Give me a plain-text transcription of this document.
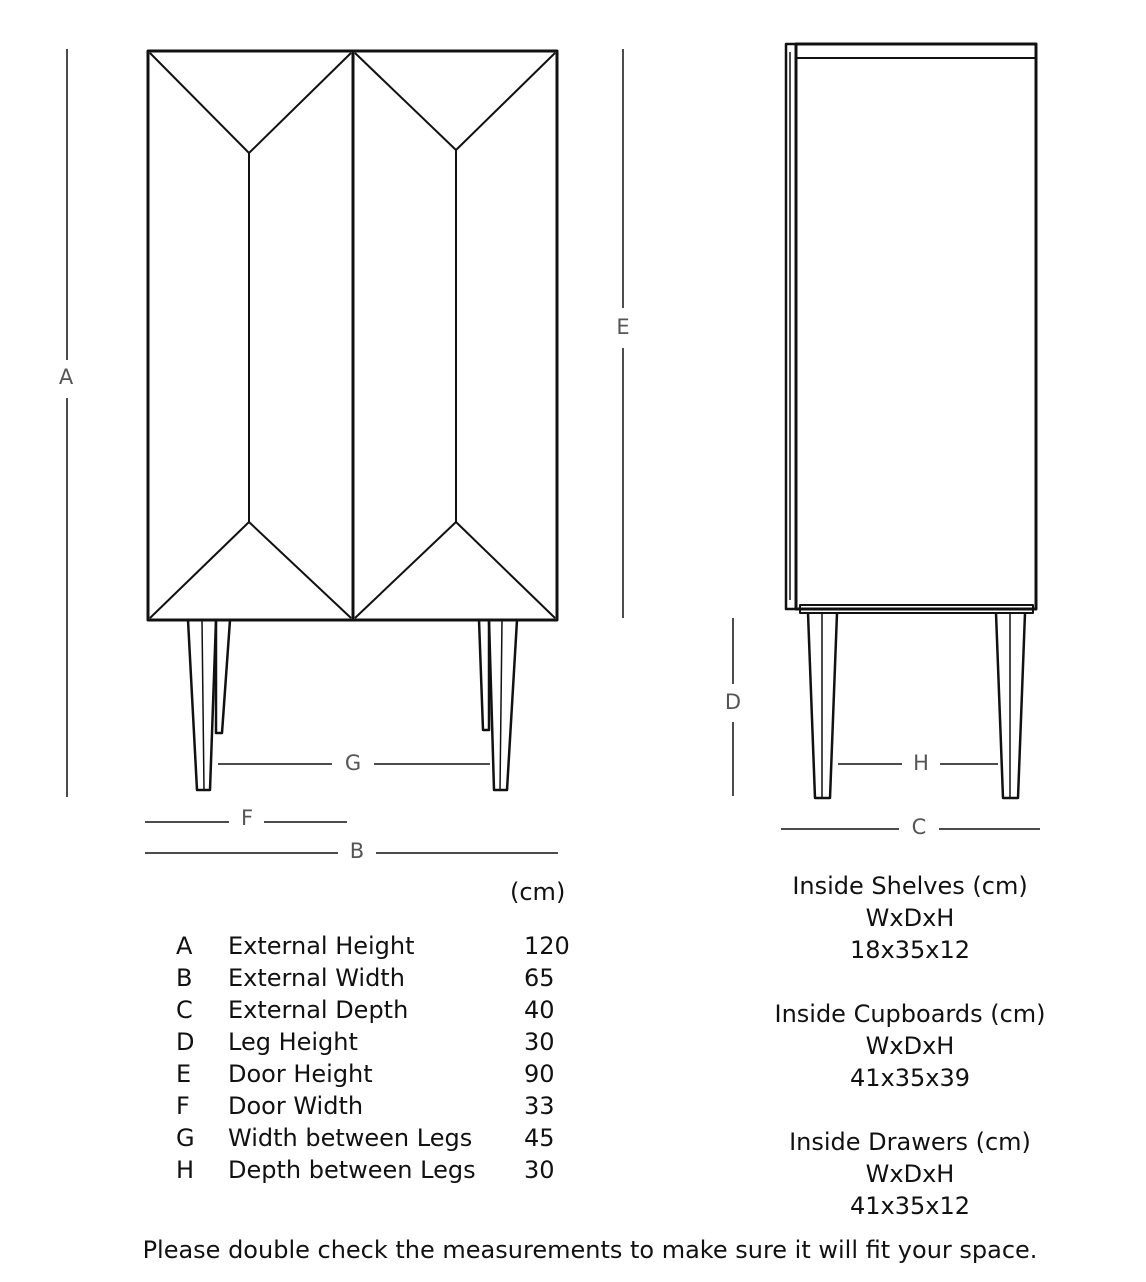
A
E
D
G
F
B
H
C
(cm)
A	External Height	120
B	External Width	65
C	External Depth	40
D	Leg Height	30
E	Door Height	90
F	Door Width	33
G	Width between Legs	45
H	Depth between Legs	30
Inside Shelves (cm)
WxDxH
18x35x12
Inside Cupboards (cm)
WxDxH
41x35x39
Inside Drawers (cm)
WxDxH
41x35x12
Please double check the measurements to make sure it will fit your space.
